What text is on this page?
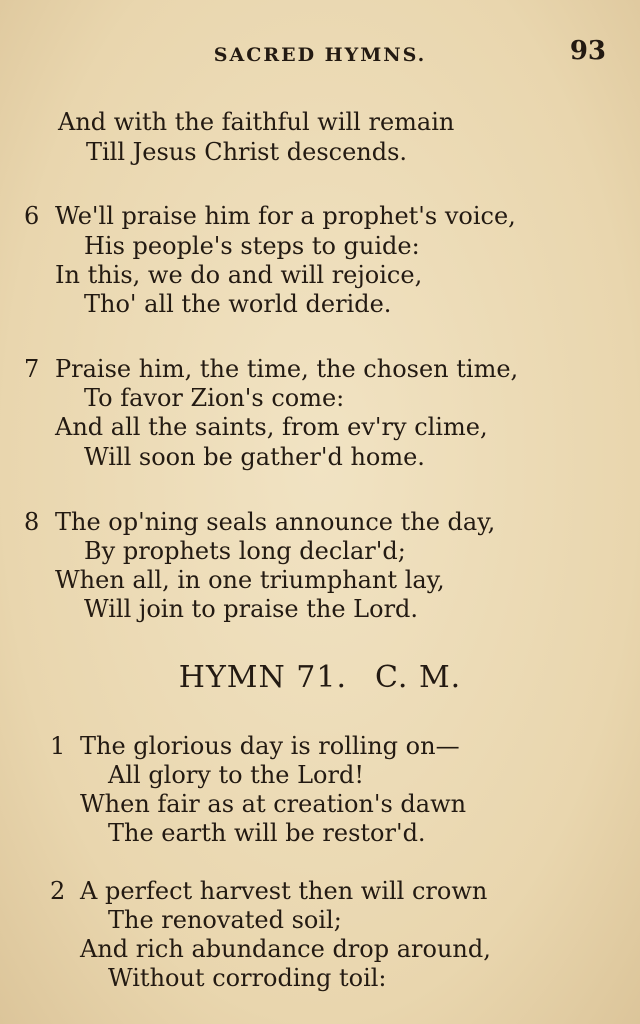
SACRED HYMNS.	93
And with the faithful will remain
Till Jesus Christ descends.
6 We'll praise him for a prophet's voice,
His people's steps to guide:
In this, we do and will rejoice,
Tho' all the world deride.
7 Praise him, the time, the chosen time,
To favor Zion's come:
And all the saints, from ev'ry clime,
Will soon be gather'd home.
8 The op'ning seals announce the day,
By prophets long declar'd;
When all, in one triumphant lay,
Will join to praise the Lord.
HYMN 71. C. M.
1 The glorious day is rolling on—
All glory to the Lord!
When fair as at creation's dawn
The earth will be restor'd.
2 A perfect harvest then will crown
The renovated soil;
And rich abundance drop around,
Without corroding toil:
